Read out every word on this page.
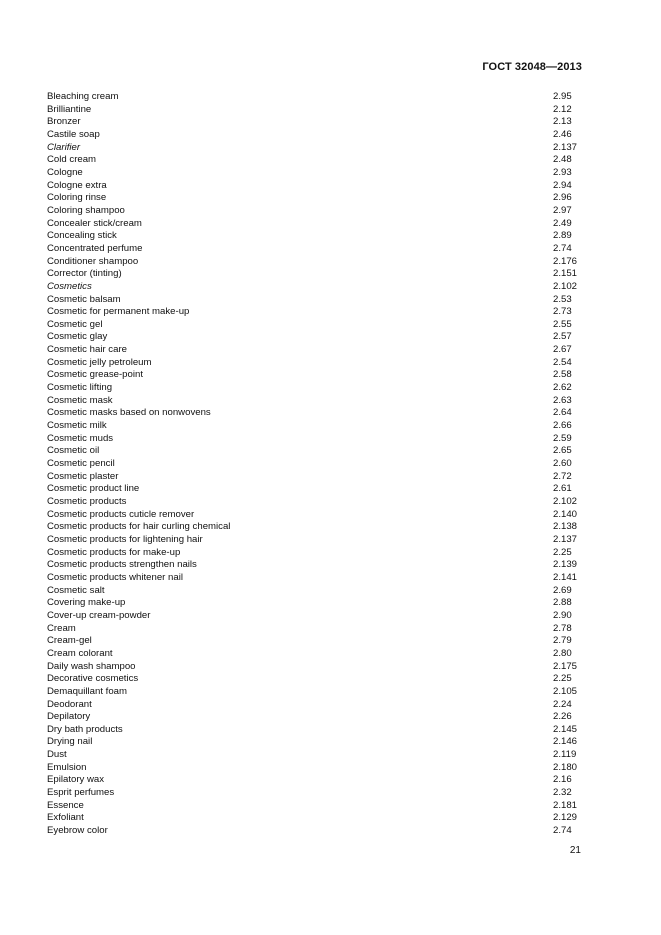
ГОСТ 32048—2013
Bleaching cream	2.95
Brilliantine	2.12
Bronzer	2.13
Castile soap	2.46
Clarifier	2.137
Cold cream	2.48
Cologne	2.93
Cologne extra	2.94
Coloring rinse	2.96
Coloring shampoo	2.97
Concealer stick/cream	2.49
Concealing stick	2.89
Concentrated perfume	2.74
Conditioner shampoo	2.176
Corrector (tinting)	2.151
Cosmetics	2.102
Cosmetic balsam	2.53
Cosmetic for permanent make-up	2.73
Cosmetic gel	2.55
Cosmetic glay	2.57
Cosmetic hair care	2.67
Cosmetic jelly petroleum	2.54
Cosmetic grease-point	2.58
Cosmetic lifting	2.62
Cosmetic mask	2.63
Cosmetic masks based on nonwovens	2.64
Cosmetic milk	2.66
Cosmetic muds	2.59
Cosmetic oil	2.65
Cosmetic pencil	2.60
Cosmetic plaster	2.72
Cosmetic product line	2.61
Cosmetic products	2.102
Cosmetic products cuticle remover	2.140
Cosmetic products for hair curling chemical	2.138
Cosmetic products for lightening hair	2.137
Cosmetic products for make-up	2.25
Cosmetic products strengthen nails	2.139
Cosmetic products whitener nail	2.141
Cosmetic salt	2.69
Covering make-up	2.88
Cover-up cream-powder	2.90
Cream	2.78
Cream-gel	2.79
Cream colorant	2.80
Daily wash shampoo	2.175
Decorative cosmetics	2.25
Demaquillant foam	2.105
Deodorant	2.24
Depilatory	2.26
Dry bath products	2.145
Drying nail	2.146
Dust	2.119
Emulsion	2.180
Epilatory wax	2.16
Esprit perfumes	2.32
Essence	2.181
Exfoliant	2.129
Eyebrow color	2.74
21
